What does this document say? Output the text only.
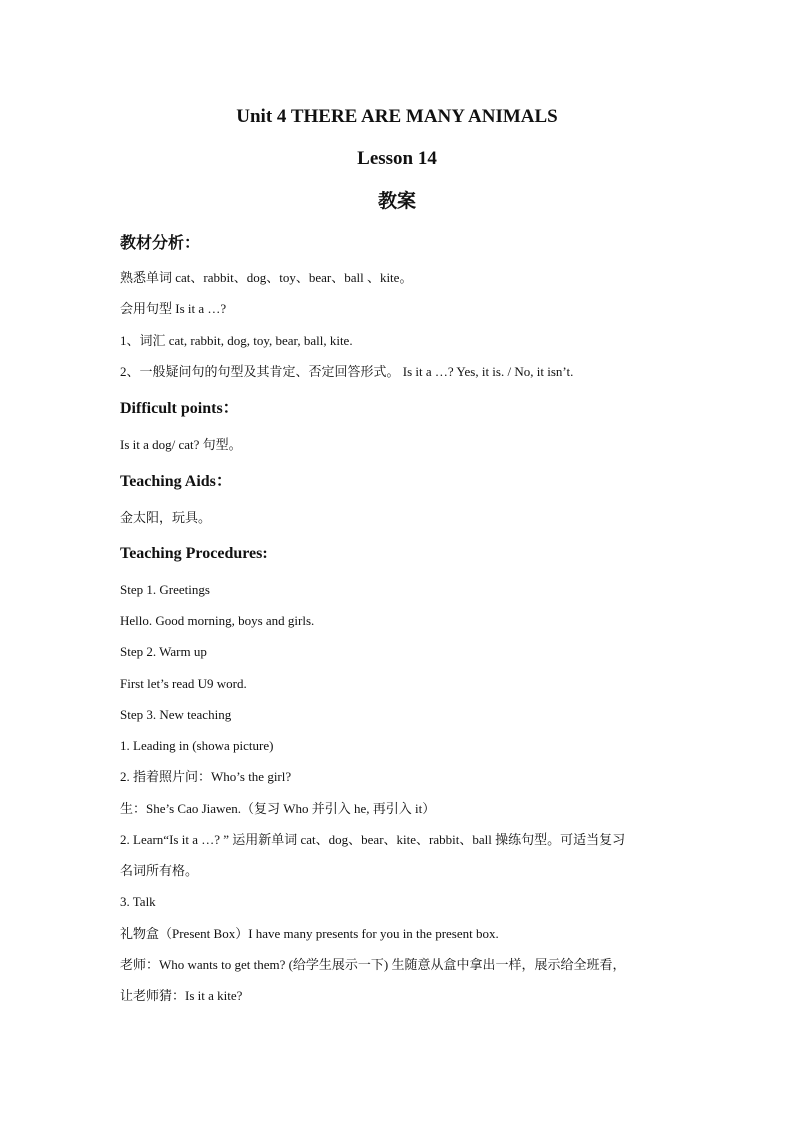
Unit 4 THERE ARE MANY ANIMALS
Lesson 14
教案
教材分析：
熟悉单词 cat、rabbit、dog、toy、bear、ball 、kite。
会用句型 Is it a …?
1、词汇 cat, rabbit, dog, toy, bear, ball, kite.
2、一般疑问句的句型及其肯定、否定回答形式。 Is it a …? Yes, it is. / No, it isn’t.
Difficult points：
Is it a dog/ cat? 句型。
Teaching Aids：
金太阳，玩具。
Teaching Procedures:
Step 1. Greetings
Hello. Good morning, boys and girls.
Step 2. Warm up
First let’s read U9 word.
Step 3. New teaching
1. Leading in (showa picture)
2. 指着照片问：Who’s the girl?
生：She’s Cao Jiawen.（复习 Who 并引入 he, 再引入 it）
2. Learn“Is it a …? ” 运用新单词 cat、dog、bear、kite、rabbit、ball 操练句型。可适当复习
名词所有格。
3. Talk
礼物盒（Present Box）I have many presents for you in the present box.
老师：Who wants to get them? (给学生展示一下) 生随意从盒中拿出一样，展示给全班看，
让老师猜：Is it a kite?
